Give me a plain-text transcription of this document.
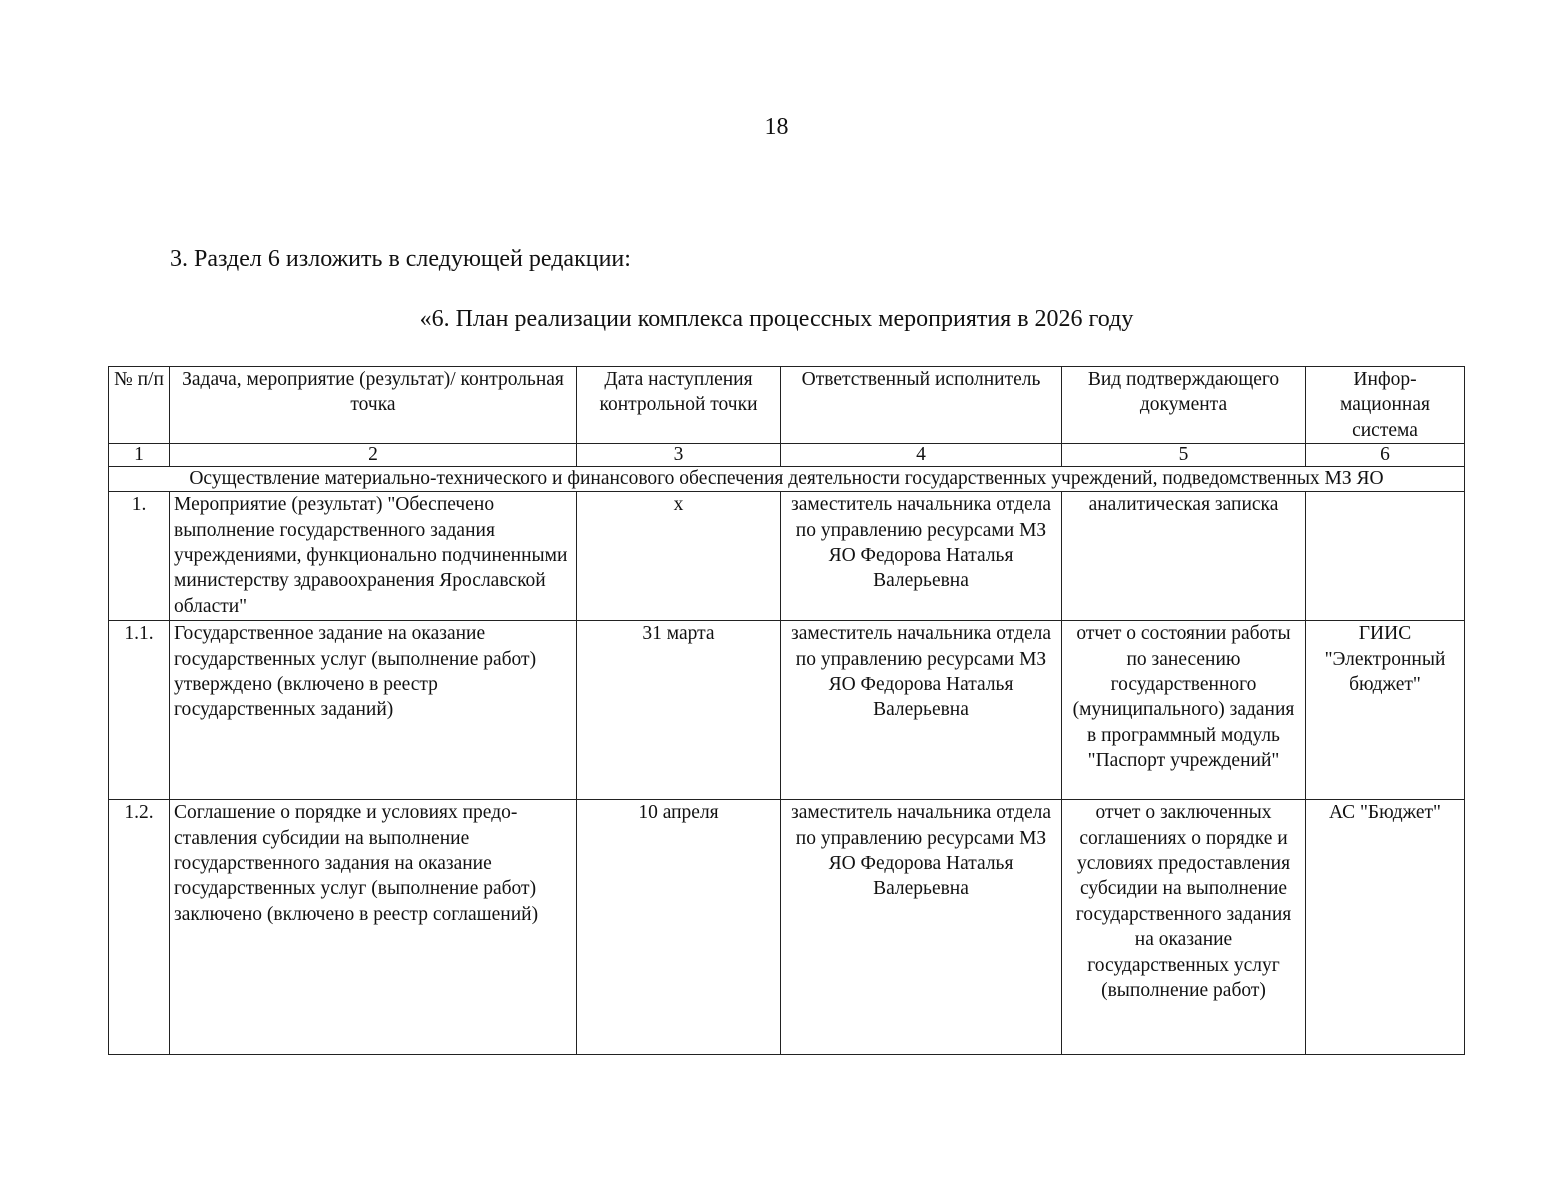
18
3. Раздел 6 изложить в следующей редакции:
«6. План реализации комплекса процессных мероприятия в 2026 году
№ п/п	Задача, мероприятие (результат)/ контрольная точка	Дата наступления контрольной точки	Ответственный исполнитель	Вид подтверждающего документа	Инфор-мационная система
1	2	3	4	5	6
Осуществление материально-технического и финансового обеспечения деятельности государственных учреждений, подведомственных МЗ ЯО					
1.	Мероприятие (результат) "Обеспечено выполнение государственного задания учреждениями, функционально подчиненными министерству здравоохранения Ярославской области"	х	заместитель начальника отдела по управлению ресурсами МЗ ЯО Федорова Наталья Валерьевна	аналитическая записка	
1.1.	Государственное задание на оказание государственных услуг (выполнение работ) утверждено (включено в реестр государственных заданий)	31 марта	заместитель начальника отдела по управлению ресурсами МЗ ЯО Федорова Наталья Валерьевна	отчет о состоянии работы по занесению государственного (муниципального) задания в программный модуль "Паспорт учреждений"	ГИИС "Электронный бюджет"
1.2.	Соглашение о порядке и условиях предо-ставления субсидии на выполнение государственного задания на оказание государственных услуг (выполнение работ) заключено (включено в реестр соглашений)	10 апреля	заместитель начальника отдела по управлению ресурсами МЗ ЯО Федорова Наталья Валерьевна	отчет о заключенных соглашениях о порядке и условиях предоставления субсидии на выполнение государственного задания на оказание государственных услуг (выполнение работ)	АС "Бюджет"
